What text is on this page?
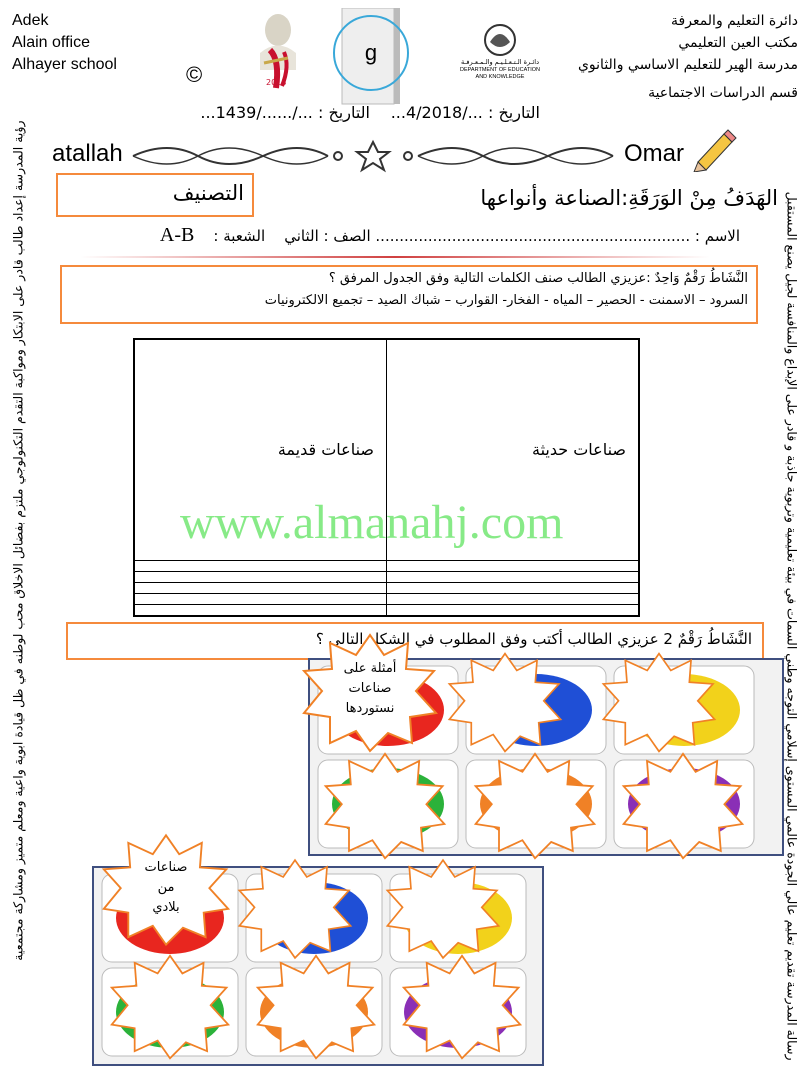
Adek
Alain office
Alhayer school	©	2018
g	دائـرة الـتـعـلـيـم والـمـعـرفـة
DEPARTMENT OF EDUCATION
AND KNOWLEDGE
دائرة التعليم والمعرفة
مكتب العين التعليمي
مدرسة الهير للتعليم الاساسي والثانوي
قسم الدراسات الاجتماعية
التاريخ : ...1439/....../...	التاريخ : ...4/2018/...
atallah	Omar
التصنيف	الهَدَفُ مِنْ الوَرَقَةِ:الصناعة وأنواعها
الاسم : .................................................................. الصف : الثاني    الشعبة :    A-B
النَّشَاطُ رَقْمٌ وَاحِدٌ :عزيزي الطالب صنف الكلمات التالية وفق الجدول المرفق ؟
السرود – الاسمنت - الحصير – المياه - الفخار- القوارب – شباك الصيد – تجميع الالكترونيات
صناعات قديمة	صناعات حديثة

www.almanahj.com
النَّشَاطُ رَقْمٌ 2 عزيزي الطالب أكتب وفق المطلوب في الشكل التالي ؟
أمثلة على
صناعات
نستوردها
صناعات
من
بلادي
رؤية المدرسة إعداد طالب قادر على الابتكار ومواكبة التقدم التكنولوجي ملتزم بفضائل الاخلاق محب لوطنه في ظل قيادة ابوية واعية ومعلم متميز ومشاركة مجتمعية	رسالة المدرسة تقديم تعليم عالي الجودة عالمي المستوى إسلامي التوجه وطني السمات في بيئة تعليمية وتربوية جاذبة و قادر على الإبداع والمنافسة لجيل يصنع المستقبل
